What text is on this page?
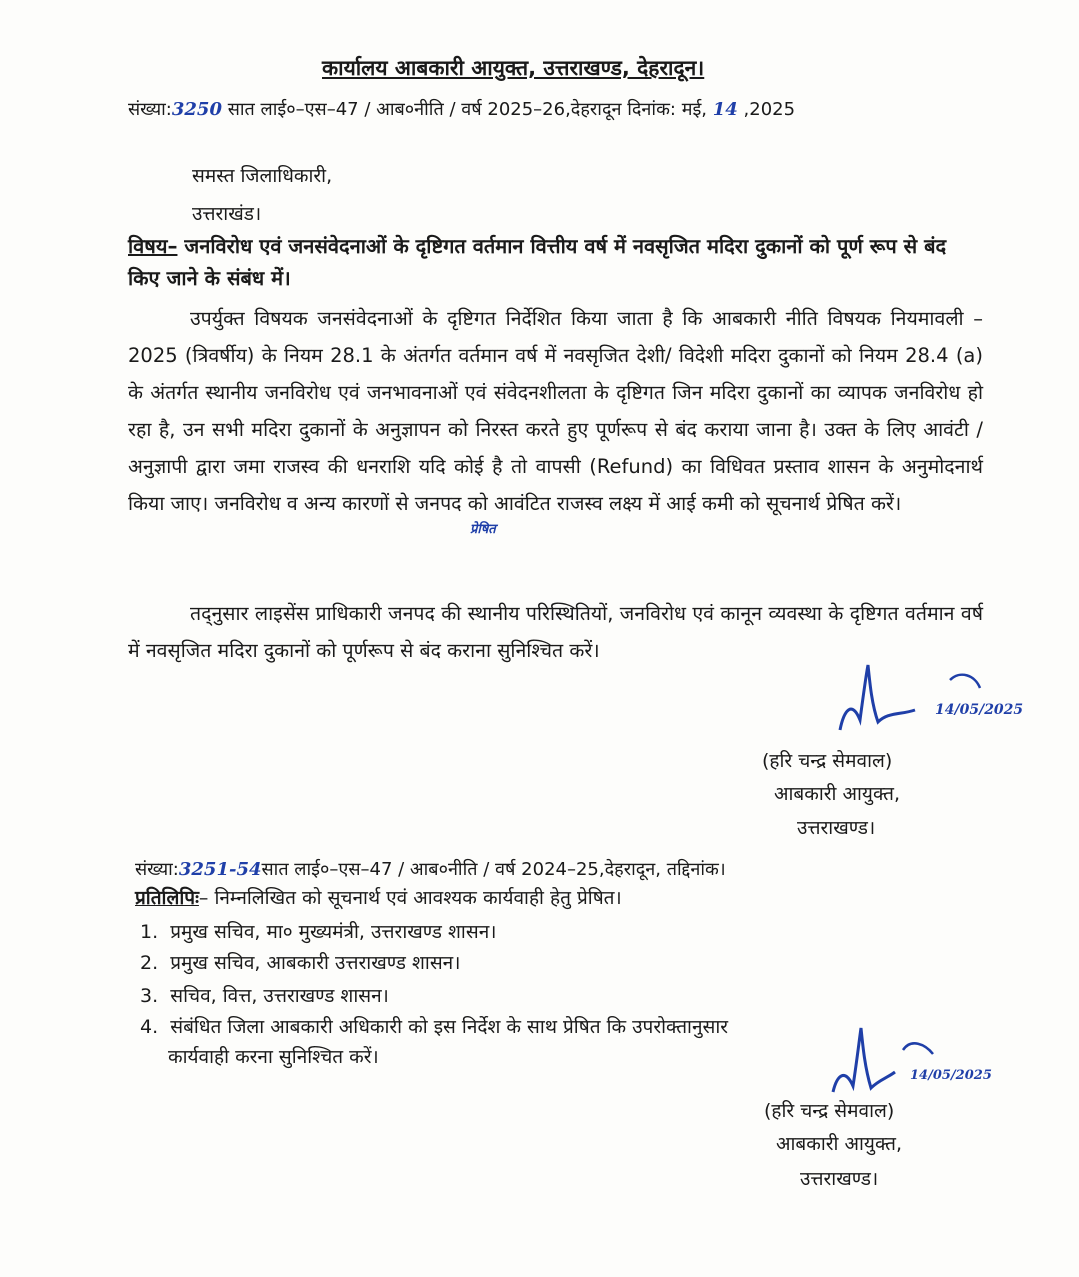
कार्यालय आबकारी आयुक्त, उत्तराखण्ड, देहरादून।
संख्या:3250 सात लाई०–एस–47 / आब०नीति / वर्ष 2025–26,देहरादून दिनांक: मई, 14 ,2025
समस्त जिलाधिकारी,
उत्तराखंड।
विषय– जनविरोध एवं जनसंवेदनाओं के दृष्टिगत वर्तमान वित्तीय वर्ष में नवसृजित मदिरा दुकानों को पूर्ण रूप से बंद किए जाने के संबंध में।
उपर्युक्त विषयक जनसंवेदनाओं के दृष्टिगत निर्देशित किया जाता है कि आबकारी नीति विषयक नियमावली – 2025 (त्रिवर्षीय) के नियम 28.1 के अंतर्गत वर्तमान वर्ष में नवसृजित देशी/ विदेशी मदिरा दुकानों को नियम 28.4 (a) के अंतर्गत स्थानीय जनविरोध एवं जनभावनाओं एवं संवेदनशीलता के दृष्टिगत जिन मदिरा दुकानों का व्यापक जनविरोध हो रहा है, उन सभी मदिरा दुकानों के अनुज्ञापन को निरस्त करते हुए पूर्णरूप से बंद कराया जाना है। उक्त के लिए आवंटी / अनुज्ञापी द्वारा जमा राजस्व की धनराशि यदि कोई है तो वापसी (Refund) का विधिवत प्रस्ताव शासन के अनुमोदनार्थ किया जाए। जनविरोध व अन्य कारणों से जनपद को आवंटित राजस्व लक्ष्य में आई कमी को सूचनार्थ प्रेषित करें।
प्रेषित
तद्नुसार लाइसेंस प्राधिकारी जनपद की स्थानीय परिस्थितियों, जनविरोध एवं कानून व्यवस्था के दृष्टिगत वर्तमान वर्ष में नवसृजित मदिरा दुकानों को पूर्णरूप से बंद कराना सुनिश्चित करें।
14/05/2025
(हरि चन्द्र सेमवाल)
आबकारी आयुक्त,
उत्तराखण्ड।
संख्या:3251-54सात लाई०–एस–47 / आब०नीति / वर्ष 2024–25,देहरादून, तद्दिनांक।
प्रतिलिपिः– निम्नलिखित को सूचनार्थ एवं आवश्यक कार्यवाही हेतु प्रेषित।
1. प्रमुख सचिव, मा० मुख्यमंत्री, उत्तराखण्ड शासन।
2. प्रमुख सचिव, आबकारी उत्तराखण्ड शासन।
3. सचिव, वित्त, उत्तराखण्ड शासन।
4. संबंधित जिला आबकारी अधिकारी को इस निर्देश के साथ प्रेषित कि उपरोक्तानुसार
कार्यवाही करना सुनिश्चित करें।
14/05/2025
(हरि चन्द्र सेमवाल)
आबकारी आयुक्त,
उत्तराखण्ड।
